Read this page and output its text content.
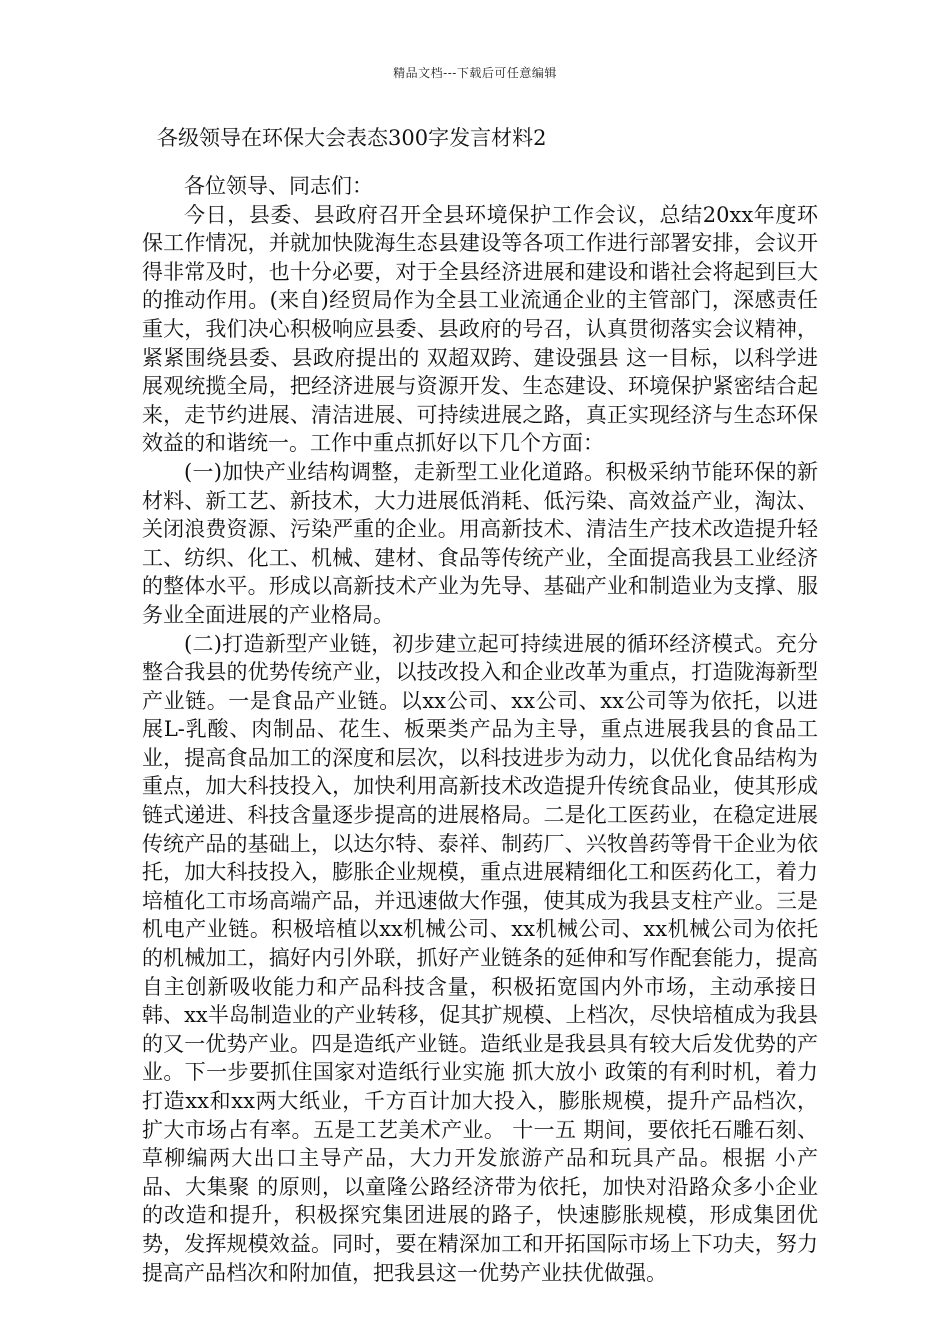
精品文档---下载后可任意编辑
各级领导在环保大会表态300字发言材料2

各位领导、同志们：

今日，县委、县政府召开全县环境保护工作会议，总结20xx年度环保工作情况，并就加快陇海生态县建设等各项工作进行部署安排，会议开得非常及时，也十分必要，对于全县经济进展和建设和谐社会将起到巨大的推动作用。(来自)经贸局作为全县工业流通企业的主管部门，深感责任重大，我们决心积极响应县委、县政府的号召，认真贯彻落实会议精神，紧紧围绕县委、县政府提出的 双超双跨、建设强县 这一目标，以科学进展观统揽全局，把经济进展与资源开发、生态建设、环境保护紧密结合起来，走节约进展、清洁进展、可持续进展之路，真正实现经济与生态环保效益的和谐统一。工作中重点抓好以下几个方面：

(一)加快产业结构调整，走新型工业化道路。积极采纳节能环保的新材料、新工艺、新技术，大力进展低消耗、低污染、高效益产业，淘汰、关闭浪费资源、污染严重的企业。用高新技术、清洁生产技术改造提升轻工、纺织、化工、机械、建材、食品等传统产业，全面提高我县工业经济的整体水平。形成以高新技术产业为先导、基础产业和制造业为支撑、服务业全面进展的产业格局。

(二)打造新型产业链，初步建立起可持续进展的循环经济模式。充分整合我县的优势传统产业，以技改投入和企业改革为重点，打造陇海新型产业链。一是食品产业链。以xx公司、xx公司、xx公司等为依托，以进展L-乳酸、肉制品、花生、板栗类产品为主导，重点进展我县的食品工业，提高食品加工的深度和层次，以科技进步为动力，以优化食品结构为重点，加大科技投入，加快利用高新技术改造提升传统食品业，使其形成链式递进、科技含量逐步提高的进展格局。二是化工医药业，在稳定进展传统产品的基础上，以达尔特、泰祥、制药厂、兴牧兽药等骨干企业为依托，加大科技投入，膨胀企业规模，重点进展精细化工和医药化工，着力培植化工市场高端产品，并迅速做大作强，使其成为我县支柱产业。三是机电产业链。积极培植以xx机械公司、xx机械公司、xx机械公司为依托的机械加工，搞好内引外联，抓好产业链条的延伸和写作配套能力，提高自主创新吸收能力和产品科技含量，积极拓宽国内外市场，主动承接日韩、xx半岛制造业的产业转移，促其扩规模、上档次，尽快培植成为我县的又一优势产业。四是造纸产业链。造纸业是我县具有较大后发优势的产业。下一步要抓住国家对造纸行业实施 抓大放小 政策的有利时机，着力打造xx和xx两大纸业，千方百计加大投入，膨胀规模，提升产品档次，扩大市场占有率。五是工艺美术产业。 十一五 期间，要依托石雕石刻、草柳编两大出口主导产品，大力开发旅游产品和玩具产品。根据 小产品、大集聚 的原则，以童隆公路经济带为依托，加快对沿路众多小企业的改造和提升，积极探究集团进展的路子，快速膨胀规模，形成集团优势，发挥规模效益。同时，要在精深加工和开拓国际市场上下功夫，努力提高产品档次和附加值，把我县这一优势产业扶优做强。
